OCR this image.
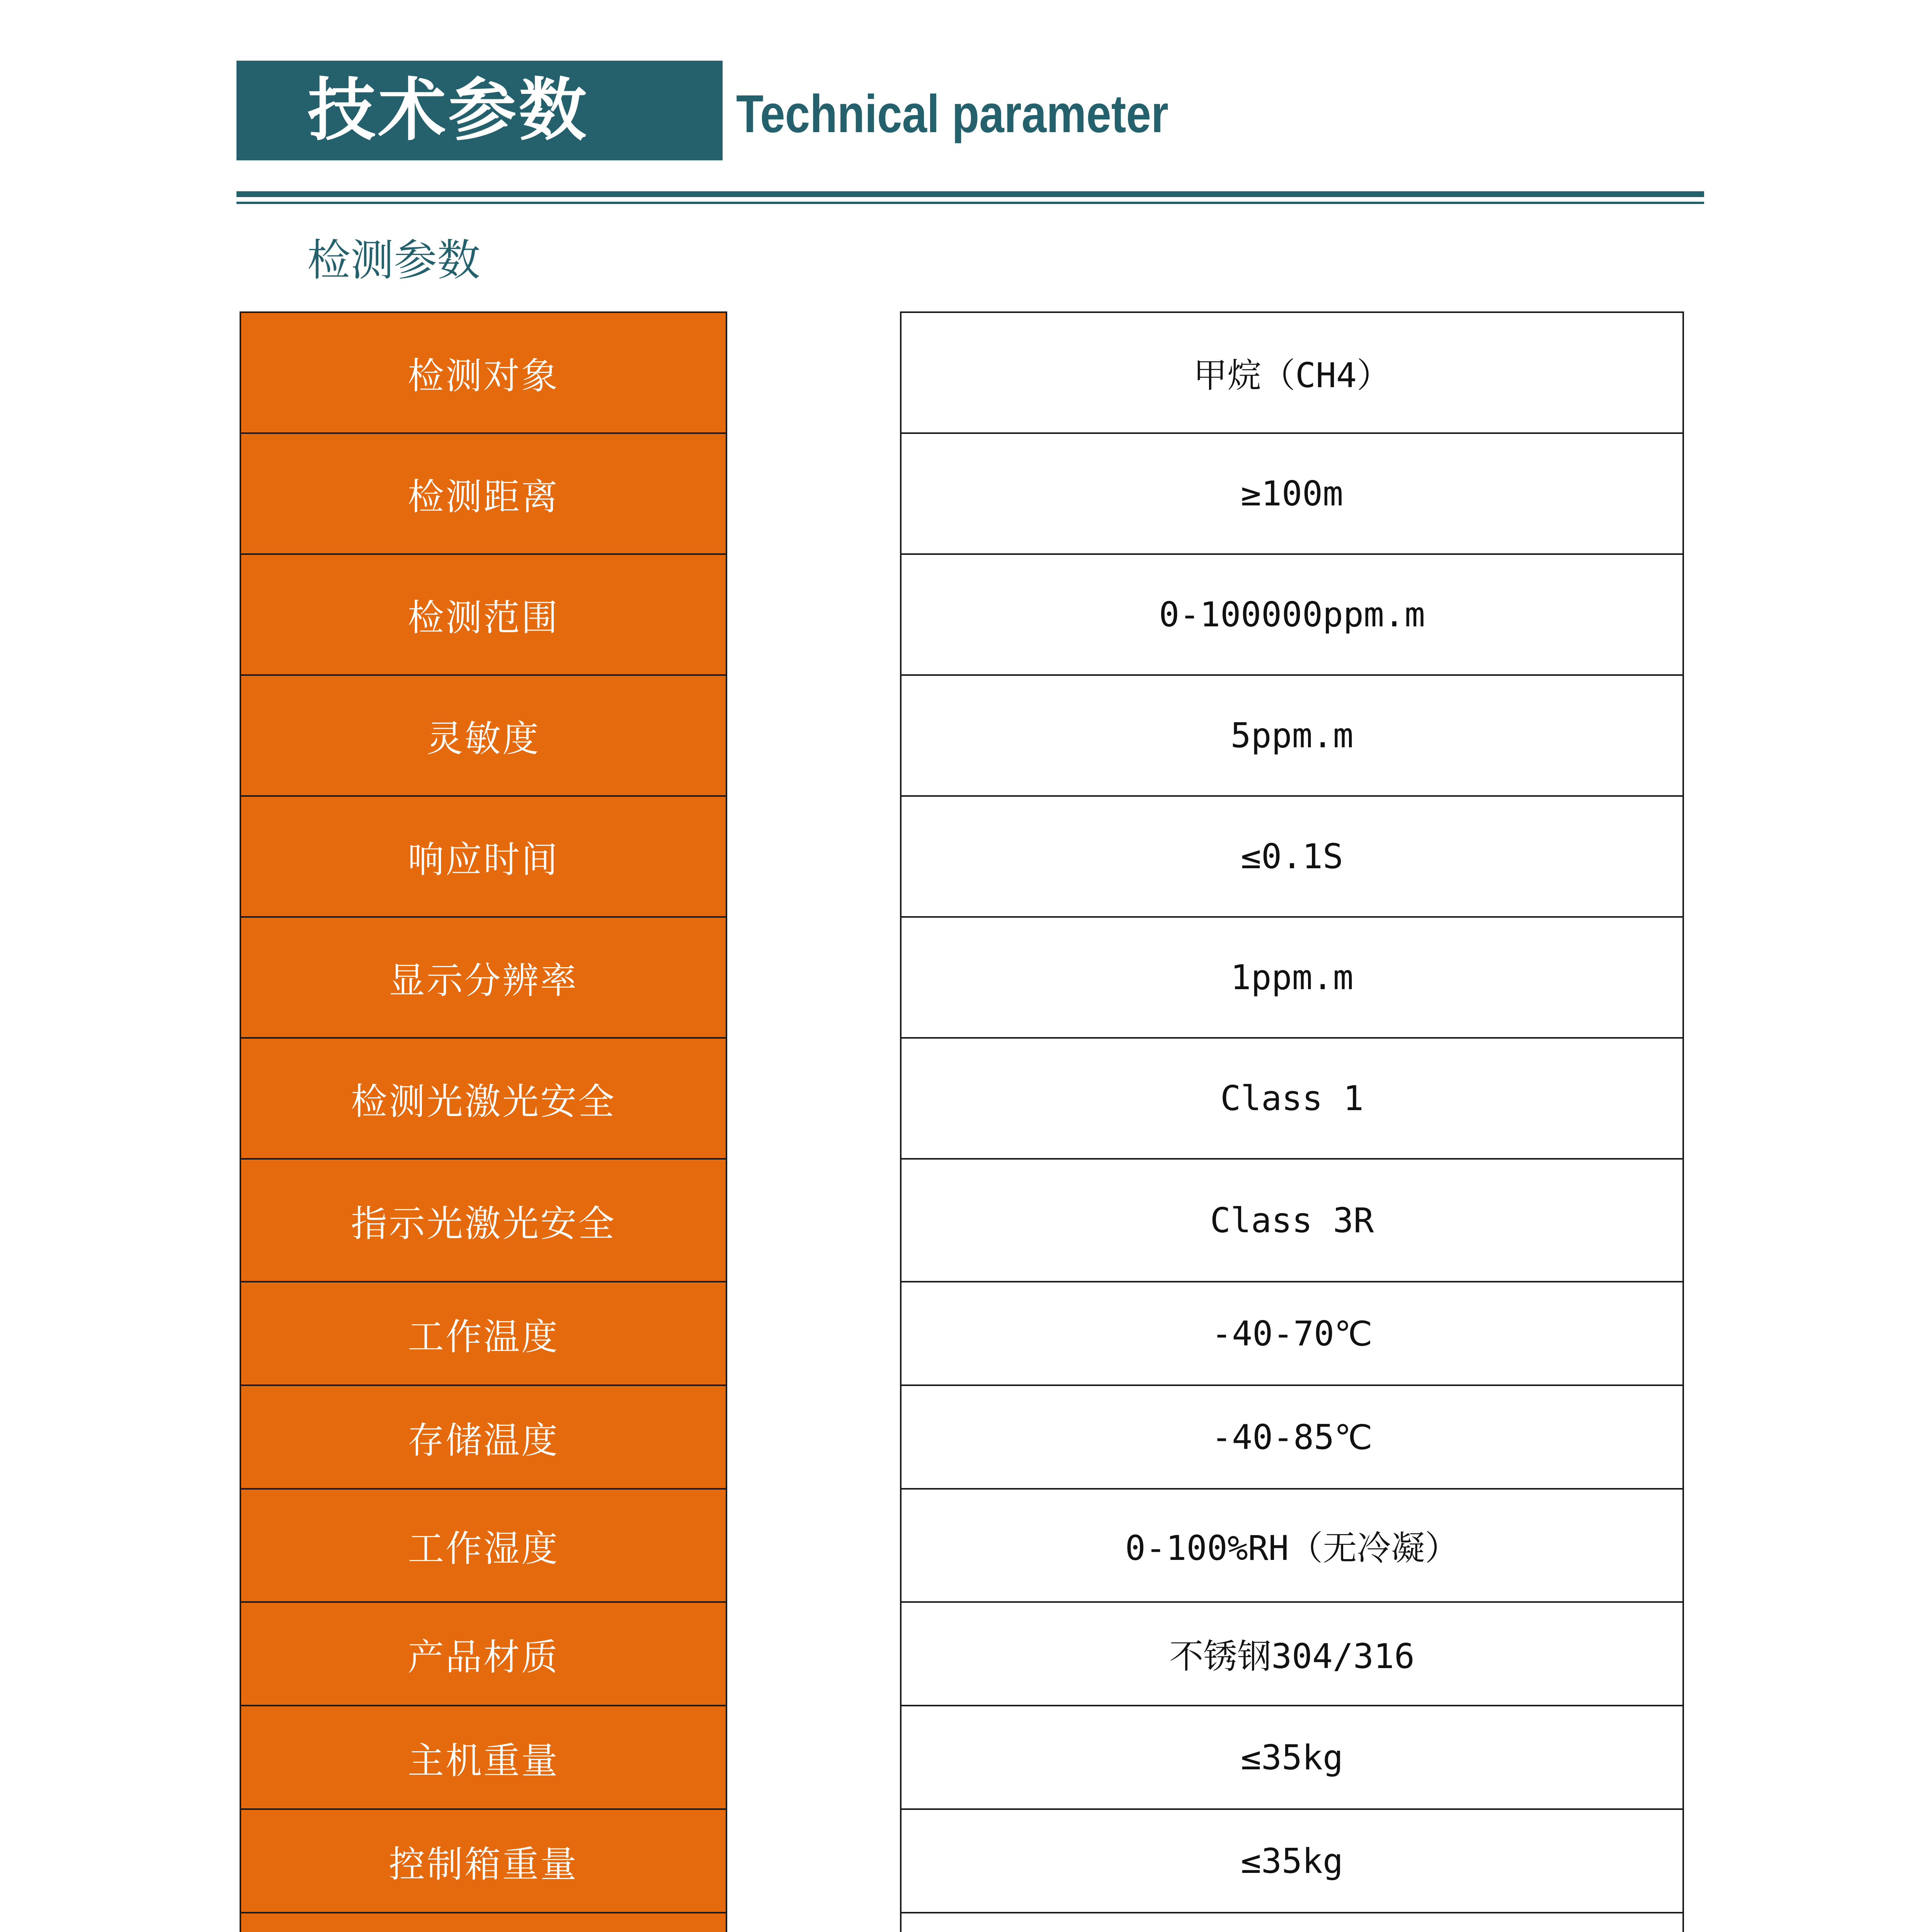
技术参数	Technical parameter
检测参数
检测对象
检测距离
检测范围
灵敏度
响应时间
显示分辨率
检测光激光安全
指示光激光安全
工作温度
存储温度
工作湿度
产品材质
主机重量
控制箱重量
甲烷（CH4）
≥100m
0-100000ppm.m
5ppm.m
≤0.1S
1ppm.m
Class 1
Class 3R
-40-70℃
-40-85℃
0-100%RH（无冷凝）
不锈钢304/316
≤35kg
≤35kg
